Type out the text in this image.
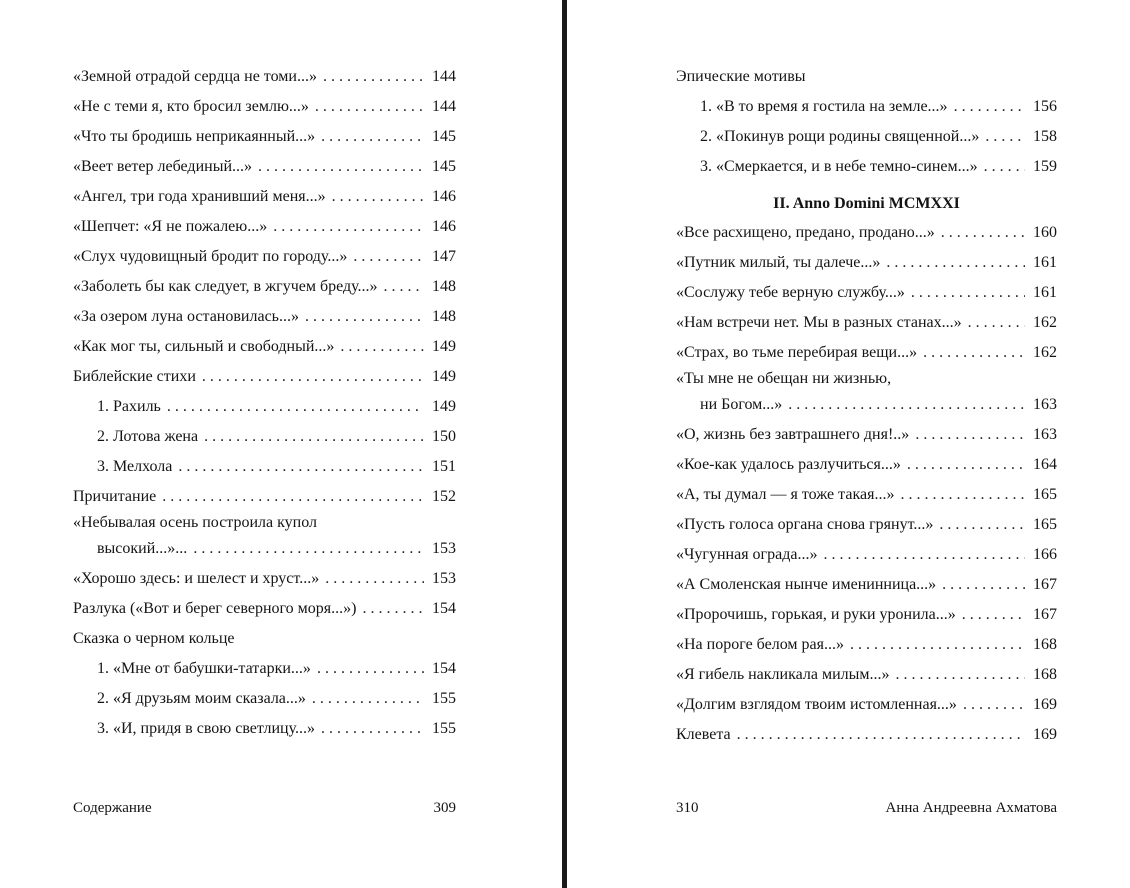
«Земной отрадой сердца не томи...» . . .	144
«Не с теми я, кто бросил землю...» . . .	144
«Что ты бродишь неприкаянный...» . . .	145
«Веет ветер лебединый...» . . .	145
«Ангел, три года хранивший меня...» . . .	146
«Шепчет: «Я не пожалею...» . . .	146
«Слух чудовищный бродит по городу...» . . .	147
«Заболеть бы как следует, в жгучем бреду...» . . .	148
«За озером луна остановилась...» . . .	148
«Как мог ты, сильный и свободный...» . . .	149
Библейские стихи . . .	149
1. Рахиль . . .	149
2. Лотова жена . . .	150
3. Мелхола . . .	151
Причитание . . .	152
«Небывалая осень построила купол
высокий...»... . . .	153
«Хорошо здесь: и шелест и хруст...» . . .	153
Разлука («Вот и берег северного моря...») . . .	154
Сказка о черном кольце
1. «Мне от бабушки-татарки...» . . .	154
2. «Я друзьям моим сказала...» . . .	155
3. «И, придя в свою светлицу...» . . .	155
Содержание	309
Эпические мотивы
1. «В то время я гостила на земле...» . . .	156
2. «Покинув рощи родины священной...» . . .	158
3. «Смеркается, и в небе темно-синем...» . . .	159
II. Anno Domini MCMXXI
«Все расхищено, предано, продано...» . . .	160
«Путник милый, ты далече...» . . .	161
«Сослужу тебе верную службу...» . . .	161
«Нам встречи нет. Мы в разных станах...» . . .	162
«Страх, во тьме перебирая вещи...» . . .	162
«Ты мне не обещан ни жизнью,
ни Богом...» . . .	163
«О, жизнь без завтрашнего дня!..» . . .	163
«Кое-как удалось разлучиться...» . . .	164
«А, ты думал — я тоже такая...» . . .	165
«Пусть голоса органа снова грянут...» . . .	165
«Чугунная ограда...» . . .	166
«А Смоленская нынче именинница...» . . .	167
«Пророчишь, горькая, и руки уронила...» . . .	167
«На пороге белом рая...» . . .	168
«Я гибель накликала милым...» . . .	168
«Долгим взглядом твоим истомленная...» . . .	169
Клевета . . .	169
310	Анна Андреевна Ахматова
